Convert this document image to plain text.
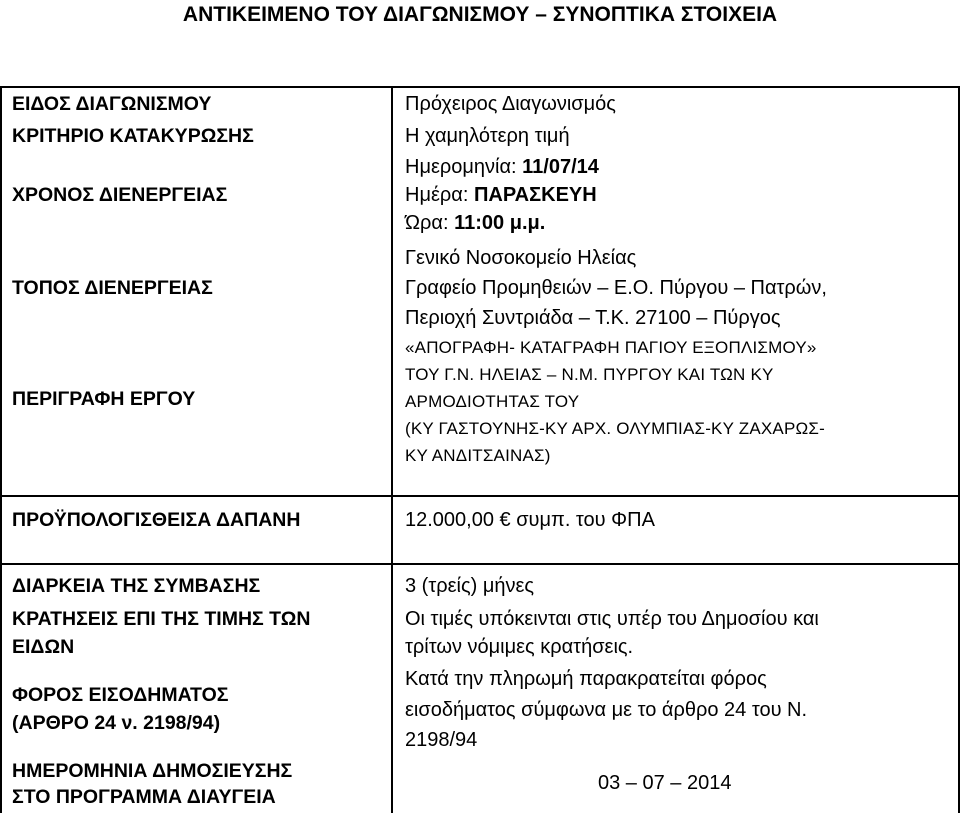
ΑΝΤΙΚΕΙΜΕΝΟ ΤΟΥ ΔΙΑΓΩΝΙΣΜΟΥ – ΣΥΝΟΠΤΙΚΑ ΣΤΟΙΧΕΙΑ
ΕΙΔΟΣ ΔΙΑΓΩΝΙΣΜΟΥ
ΚΡΙΤΗΡΙΟ ΚΑΤΑΚΥΡΩΣΗΣ
ΧΡΟΝΟΣ ΔΙΕΝΕΡΓΕΙΑΣ
ΤΟΠΟΣ ΔΙΕΝΕΡΓΕΙΑΣ
ΠΕΡΙΓΡΑΦΗ ΕΡΓΟΥ
ΠΡΟΫΠΟΛΟΓΙΣΘΕΙΣΑ ΔΑΠΑΝΗ
ΔΙΑΡΚΕΙΑ ΤΗΣ ΣΥΜΒΑΣΗΣ
ΚΡΑΤΗΣΕΙΣ ΕΠΙ ΤΗΣ ΤΙΜΗΣ ΤΩΝ
ΕΙΔΩΝ
ΦΟΡΟΣ ΕΙΣΟΔΗΜΑΤΟΣ
(ΑΡΘΡΟ 24 ν. 2198/94)
ΗΜΕΡΟΜΗΝΙΑ ΔΗΜΟΣΙΕΥΣΗΣ
ΣΤΟ ΠΡΟΓΡΑΜΜΑ ΔΙΑΥΓΕΙΑ
Πρόχειρος Διαγωνισμός
Η χαμηλότερη τιμή
Ημερομηνία: 11/07/14
Ημέρα: ΠΑΡΑΣΚΕΥΗ
Ώρα: 11:00 μ.μ.
Γενικό Νοσοκομείο Ηλείας
Γραφείο Προμηθειών – Ε.Ο. Πύργου – Πατρών,
Περιοχή Συντριάδα – Τ.Κ. 27100 – Πύργος
«ΑΠΟΓΡΑΦΗ- ΚΑΤΑΓΡΑΦΗ ΠΑΓΙΟΥ ΕΞΟΠΛΙΣΜΟΥ»
ΤΟΥ Γ.Ν. ΗΛΕΙΑΣ – Ν.Μ. ΠΥΡΓΟΥ ΚΑΙ ΤΩΝ ΚΥ
ΑΡΜΟΔΙΟΤΗΤΑΣ ΤΟΥ
(ΚΥ ΓΑΣΤΟΥΝΗΣ-ΚΥ ΑΡΧ. ΟΛΥΜΠΙΑΣ-ΚΥ ΖΑΧΑΡΩΣ-
ΚΥ ΑΝΔΙΤΣΑΙΝΑΣ)
12.000,00 € συμπ. του ΦΠΑ
3 (τρείς) μήνες
Οι τιμές υπόκεινται στις υπέρ του Δημοσίου και
τρίτων νόμιμες κρατήσεις.
Κατά την πληρωμή παρακρατείται φόρος
εισοδήματος σύμφωνα με το άρθρο 24 του Ν.
2198/94
03 – 07 – 2014
